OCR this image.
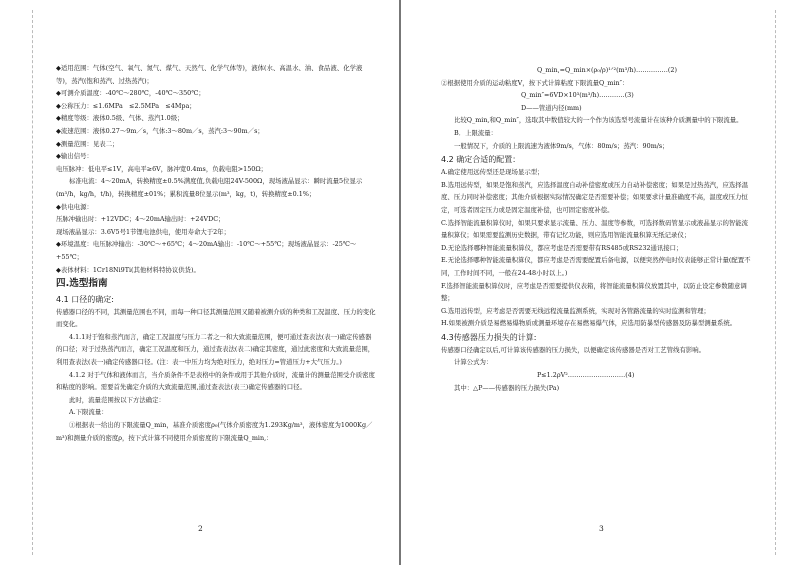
◆适用范围：气体(空气、氧气、氮气、煤气、天然气、化学气体等)，液体(水、高温水、油、食品液、化学液等)，蒸汽(饱和蒸汽、过热蒸汽)；

◆可测介质温度：-40℃～280℃，-40℃～350℃；

◆公称压力：≤1.6MPa　≤2.5MPa　≤4Mpa；

◆精度等级：液体0.5级、气体、蒸汽1.0级；

◆流速范围：液体0.27～9m／s，气体:3～80m／s，蒸汽:3～90m／s；

◆测量范围：见表二；

◆输出信号：

电压脉冲：低电平≤1V，高电平≥6V，脉冲宽0.4ms，负载电阻>150Ω；

标准电流：4～20mA，转换精度±0.5%满度值,负载电阻24V-500Ω，现场液晶显示：瞬时流量5位显示(m³/h，kg/h，t/h)，转换精度±01%；累积流量8位显示(m³，kg，t)，转换精度±0.1%；

◆供电电源：

压脉冲输出时：+12VDC；4～20mA输出时：+24VDC；

现场液晶显示：3.6V5号1节锂电池供电，使用寿命大于2年；

◆环境温度：电压脉冲输出：-30℃～+65℃；4～20mA输出：-10℃～+55℃；现场液晶显示：-25℃～+55℃；

◆表体材料：1Cr18Ni9Ti(其他材料特协议供货)。

四.选型指南
4.1 口径的确定:

传感器口径的不同，其测量范围也不同，而每一种口径其测量范围又随着被测介质的种类和工况温度、压力的变化而变化。

4.1.1对于饱和蒸汽而言，确定工况温度与压力二者之一和大致流量范围，便可通过查表法(表一)确定传感器的口径；对于过热蒸汽而言，确定工况温度和压力，通过查表法(表二)确定其密度，通过此密度和大致流量范围，利用查表法(表一)确定传感器口径。(注：表一中压力均为绝对压力，绝对压力=管道压力+大气压力。)

4.1.2 对于气体和液体而言，当介质条件不是表格中的条件或用于其他介质时，流量计的测量范围受介质密度和粘度的影响。需要首先确定介质的大致流量范围,通过查表法(表三)确定传感器的口径。

此时，流量范围按以下方法确定：

A.下限流量：

①根据表一给出的下限流量Q_min，基准介质密度ρ₀(气体介质密度为1.293Kg/m³，液体密度为1000Kg／m³)和测量介质的密度ρ，按下式计算不同使用介质密度的下限流量Q_min,：

2

Q_min,=Q_min×(ρ₀/ρ)¹ᐟ²(m³/h)……………(2)

②根据使用介质的运动粘度V，按下式计算粘度下限流量Q_min″：

Q_min″=6VD×10³(m³/h)…………(3)

D——管道内径(mm)

比较Q_min,和Q_min″，选取其中数值较大的一个作为该选型号流量计在该种介质测量中的下限流量。

B．上限流量：

一般情况下，介质的上限流速为液体9m/s，气体：80m/s；蒸汽：90m/s；

4.2 确定合适的配置：

A.确定使用远传型还是现场显示型；

B.选用远传型，如果是饱和蒸汽，应选择温度自动补偿密度或压力自动补偿密度；如果是过热蒸汽，应选择温度、压力同时补偿密度；其他介质根据实际情况确定是否需要补偿；如果要求计量准确度不高，温度或压力恒定，可选者固定压力或是固定温度补偿，也可固定密度补偿。

C.选择智能流量积算仪时，如果只要求显示流量、压力、温度等参数，可选择数码管显示或液晶显示的智能流量积算仪；如果需要监测历史数据，带有记忆功能，则应选用智能流量积算无纸记录仪；

D.无论选择哪种智能流量积算仪，都应考虑是否需要带有RS485或RS232通讯接口；

E.无论选择哪种智能流量积算仪，都应考虑是否需要配置后备电源，以便突然停电时仪表能够正常计量(配置不同，工作时间不同，一般在24-48小时以上。)

F.选择智能流量积算仪时，应考虑是否需要提供仪表箱，将智能流量积算仪放置其中，以防止设定参数随意调整；

G.选用远传型，应考虑是否需要无线远程流量监测系统，实现对各管路流量的实时监测和管理；

H.如果被测介质是易燃易爆物质或测量环境存在易燃易爆气体，应选用防暴型传感器及防暴型测量系统。

4.3传感器压力损失的计算:

传感器口径确定以后,可计算该传感器的压力损失，以便确定该传感器是否对工艺管线有影响。

计算公式为：

P≤1.2ρV²………………………(4)

其中：△P——传感器的压力损失(Pa)

3
